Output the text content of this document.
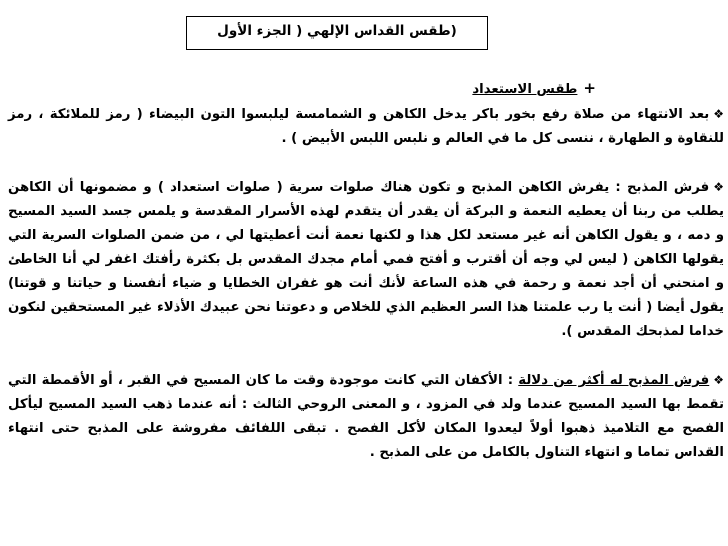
(طقس القداس الإلهي ( الجزء الأول

+طقس الاستعداد

❖بعد الانتهاء من صلاة رفع بخور باكر يدخل الكاهن و الشمامسة ليلبسوا التون البيضاء ( رمز للملائكة ، رمز للنقاوة و الطهارة ، ننسى كل ما في العالم و نلبس اللبس الأبيض ) .

❖فرش المذبح : يفرش الكاهن المذبح و تكون هناك صلوات سرية ( صلوات استعداد ) و مضمونها أن الكاهن يطلب من ربنا أن يعطيه النعمة و البركة أن يقدر أن يتقدم لهذه الأسرار المقدسة و يلمس جسد السيد المسيح و دمه ، و يقول الكاهن أنه غير مستعد لكل هذا و لكنها نعمة أنت أعطيتها لي ، من ضمن الصلوات السرية التي يقولها الكاهن ( ليس لي وجه أن أقترب و أفتح فمي أمام مجدك المقدس بل بكثرة رأفتك اغفر لي أنا الخاطئ و امنحني أن أجد نعمة و رحمة في هذه الساعة لأنك أنت هو غفران الخطايا و ضياء أنفسنا و حياتنا و قوتنا) يقول أيضا ( أنت يا رب علمتنا هذا السر العظيم الذي للخلاص و دعوتنا نحن عبيدك الأذلاء غير المستحقين لنكون خداما لمذبحك المقدس ).

❖فرش المذبح له أكثر من دلالة : الأكفان التي كانت موجودة وقت ما كان المسيح في القبر ، أو الأقمطة التي تقمط بها السيد المسيح عندما ولد في المزود ، و المعنى الروحي الثالث : أنه عندما ذهب السيد المسيح ليأكل الفصح مع التلاميذ ذهبوا أولاً ليعدوا المكان لأكل الفصح . تبقى اللفائف مفروشة على المذبح حتى انتهاء القداس تماما و انتهاء التناول بالكامل من على المذبح .
